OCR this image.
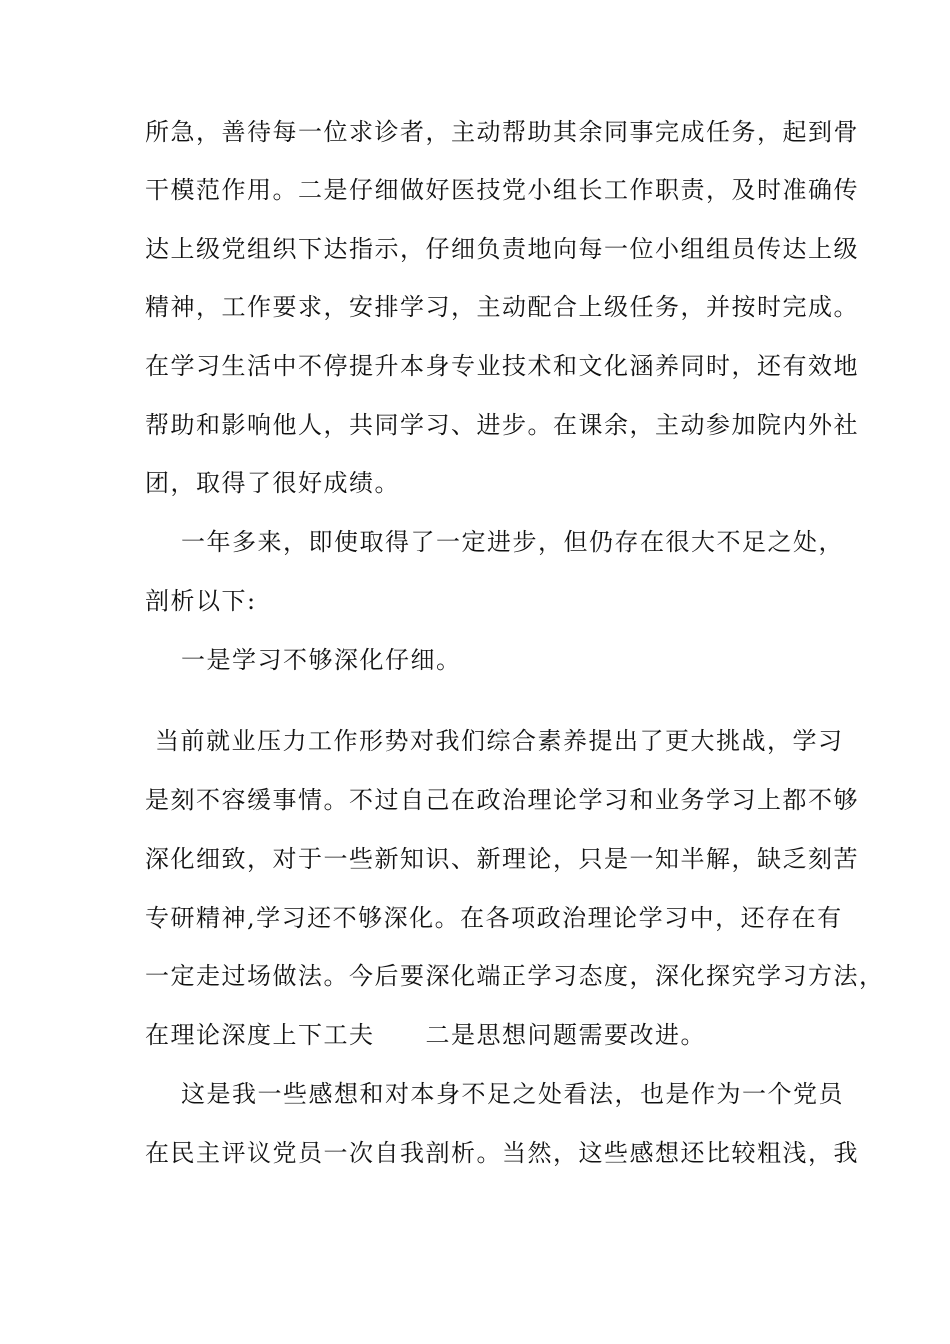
所急，善待每一位求诊者，主动帮助其余同事完成任务，起到骨
干模范作用。二是仔细做好医技党小组长工作职责，及时准确传
达上级党组织下达指示，仔细负责地向每一位小组组员传达上级
精神，工作要求，安排学习，主动配合上级任务，并按时完成。
在学习生活中不停提升本身专业技术和文化涵养同时，还有效地
帮助和影响他人，共同学习、进步。在课余，主动参加院内外社
团，取得了很好成绩。
一年多来，即使取得了一定进步，但仍存在很大不足之处，
剖析以下:
一是学习不够深化仔细。
当前就业压力工作形势对我们综合素养提出了更大挑战，学习
是刻不容缓事情。不过自己在政治理论学习和业务学习上都不够
深化细致，对于一些新知识、新理论，只是一知半解，缺乏刻苦
专研精神,学习还不够深化。在各项政治理论学习中，还存在有
一定走过场做法。今后要深化端正学习态度，深化探究学习方法，
在理论深度上下工夫　　二是思想问题需要改进。
这是我一些感想和对本身不足之处看法，也是作为一个党员
在民主评议党员一次自我剖析。当然，这些感想还比较粗浅，我
